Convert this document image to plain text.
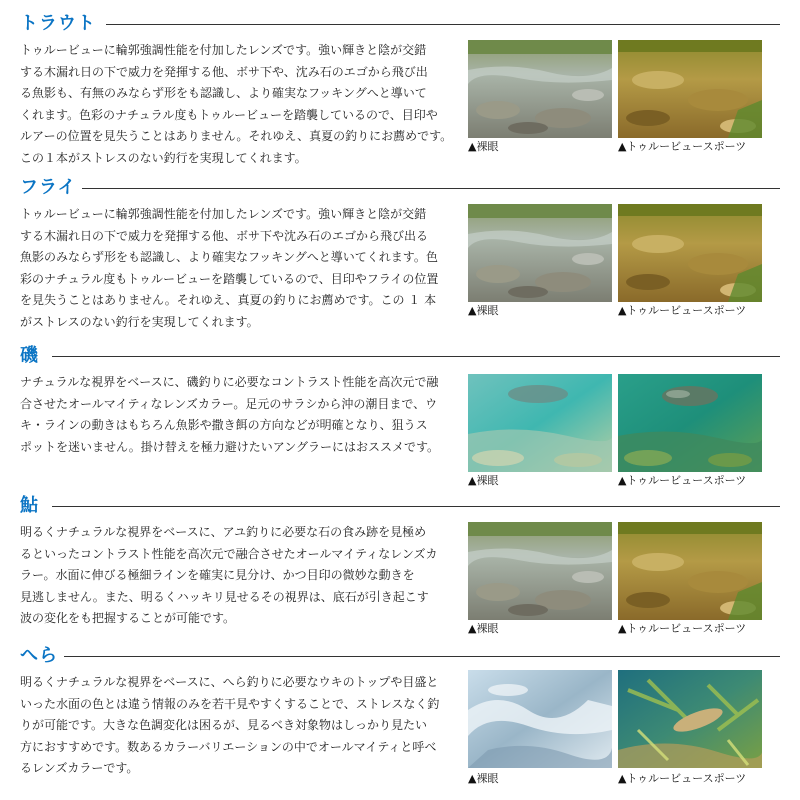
トラウト

トゥルービューに輪郭強調性能を付加したレンズです。強い輝きと陰が交錯

する木漏れ日の下で威力を発揮する他、ボサ下や、沈み石のエゴから飛び出

る魚影も、有無のみならず形をも認識し、より確実なフッキングへと導いて

くれます。色彩のナチュラル度もトゥルービューを踏襲しているので、目印や

ルアーの位置を見失うことはありません。それゆえ、真夏の釣りにお薦めです。

この１本がストレスのない釣行を実現してくれます。

▲裸眼	▲トゥルービュースポーツ
フライ

トゥルービューに輪郭強調性能を付加したレンズです。強い輝きと陰が交錯

する木漏れ日の下で威力を発揮する他、ボサ下や沈み石のエゴから飛び出る

魚影のみならず形をも認識し、より確実なフッキングへと導いてくれます。色

彩のナチュラル度もトゥルービューを踏襲しているので、目印やフライの位置

を見失うことはありません。それゆえ、真夏の釣りにお薦めです。この １ 本

がストレスのない釣行を実現してくれます。

▲裸眼	▲トゥルービュースポーツ
磯

ナチュラルな視界をベースに、磯釣りに必要なコントラスト性能を高次元で融

合させたオールマイティなレンズカラー。足元のサラシから沖の潮目まで、ウ

キ・ラインの動きはもちろん魚影や撒き餌の方向などが明確となり、狙うス

ポットを迷いません。掛け替えを極力避けたいアングラーにはおススメです。

▲裸眼	▲トゥルービュースポーツ
鮎

明るくナチュラルな視界をベースに、アユ釣りに必要な石の食み跡を見極め

るといったコントラスト性能を高次元で融合させたオールマイティなレンズカ

ラー。水面に伸びる極細ラインを確実に見分け、かつ目印の微妙な動きを

見逃しません。また、明るくハッキリ見せるその視界は、底石が引き起こす

波の変化をも把握することが可能です。

▲裸眼	▲トゥルービュースポーツ
へら

明るくナチュラルな視界をベースに、へら釣りに必要なウキのトップや目盛と

いった水面の色とは違う情報のみを若干見やすくすることで、ストレスなく釣

りが可能です。大きな色調変化は困るが、見るべき対象物はしっかり見たい

方におすすめです。数あるカラーバリエーションの中でオールマイティと呼べ

るレンズカラーです。

▲裸眼	▲トゥルービュースポーツ
